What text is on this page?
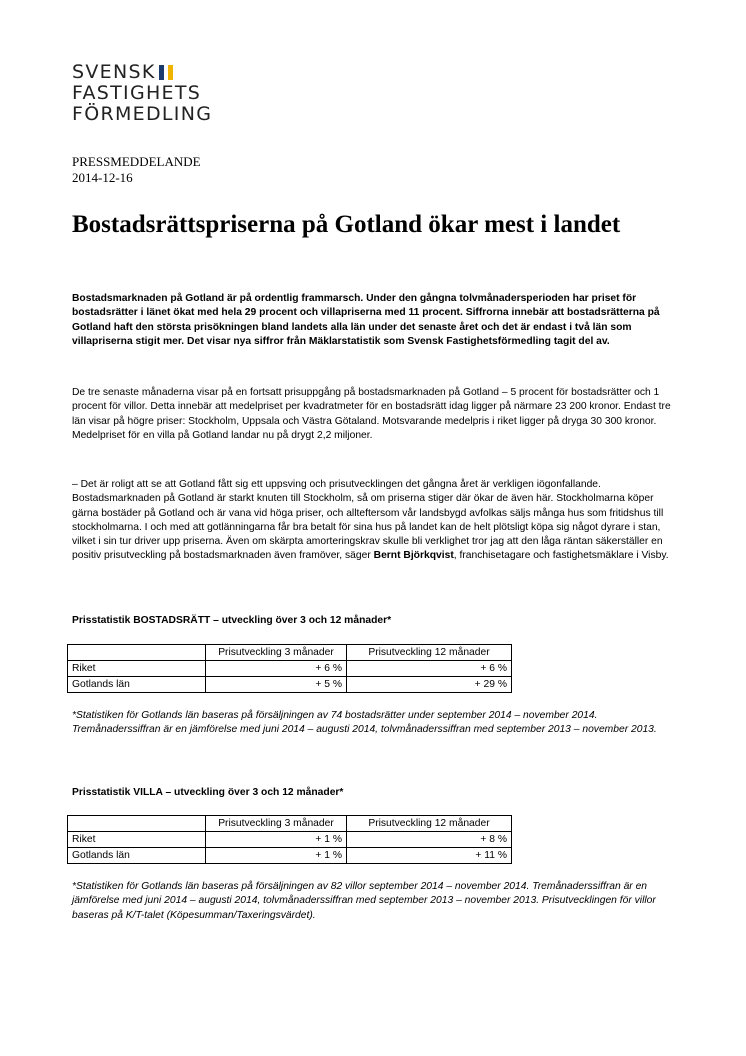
SVENSK
FASTIGHETS
FÖRMEDLING
PRESSMEDDELANDE
2014-12-16
Bostadsrättspriserna på Gotland ökar mest i landet

Bostadsmarknaden på Gotland är på ordentlig frammarsch. Under den gångna tolvmånadersperioden har priset för bostadsrätter i länet ökat med hela 29 procent och villapriserna med 11 procent. Siffrorna innebär att bostadsrätterna på Gotland haft den största prisökningen bland landets alla län under det senaste året och det är endast i två län som villapriserna stigit mer. Det visar nya siffror från Mäklarstatistik som Svensk Fastighetsförmedling tagit del av.

De tre senaste månaderna visar på en fortsatt prisuppgång på bostadsmarknaden på Gotland – 5 procent för bostadsrätter och 1 procent för villor. Detta innebär att medelpriset per kvadratmeter för en bostadsrätt idag ligger på närmare 23 200 kronor. Endast tre län visar på högre priser: Stockholm, Uppsala och Västra Götaland. Motsvarande medelpris i riket ligger på dryga 30 300 kronor. Medelpriset för en villa på Gotland landar nu på drygt 2,2 miljoner.

– Det är roligt att se att Gotland fått sig ett uppsving och prisutvecklingen det gångna året är verkligen iögonfallande. Bostadsmarknaden på Gotland är starkt knuten till Stockholm, så om priserna stiger där ökar de även här. Stockholmarna köper gärna bostäder på Gotland och är vana vid höga priser, och allteftersom vår landsbygd avfolkas säljs många hus som fritidshus till stockholmarna. I och med att gotlänningarna får bra betalt för sina hus på landet kan de helt plötsligt köpa sig något dyrare i stan, vilket i sin tur driver upp priserna. Även om skärpta amorteringskrav skulle bli verklighet tror jag att den låga räntan säkerställer en positiv prisutveckling på bostadsmarknaden även framöver, säger Bernt Björkqvist, franchisetagare och fastighetsmäklare i Visby.

Prisstatistik BOSTADSRÄTT – utveckling över 3 och 12 månader*
	Prisutveckling 3 månader	Prisutveckling 12 månader
Riket	+ 6 %	+ 6 %
Gotlands län	+ 5 %	+ 29 %

*Statistiken för Gotlands län baseras på försäljningen av 74 bostadsrätter under september 2014 – november 2014. Tremånaderssiffran är en jämförelse med juni 2014 – augusti 2014, tolvmånaderssiffran med september 2013 – november 2013.

Prisstatistik VILLA – utveckling över 3 och 12 månader*
	Prisutveckling 3 månader	Prisutveckling 12 månader
Riket	+ 1 %	+ 8 %
Gotlands län	+ 1 %	+ 11 %

*Statistiken för Gotlands län baseras på försäljningen av 82 villor september 2014 – november 2014. Tremånaderssiffran är en jämförelse med juni 2014 – augusti 2014, tolvmånaderssiffran med september 2013 – november 2013. Prisutvecklingen för villor baseras på K/T-talet (Köpesumman/Taxeringsvärdet).
